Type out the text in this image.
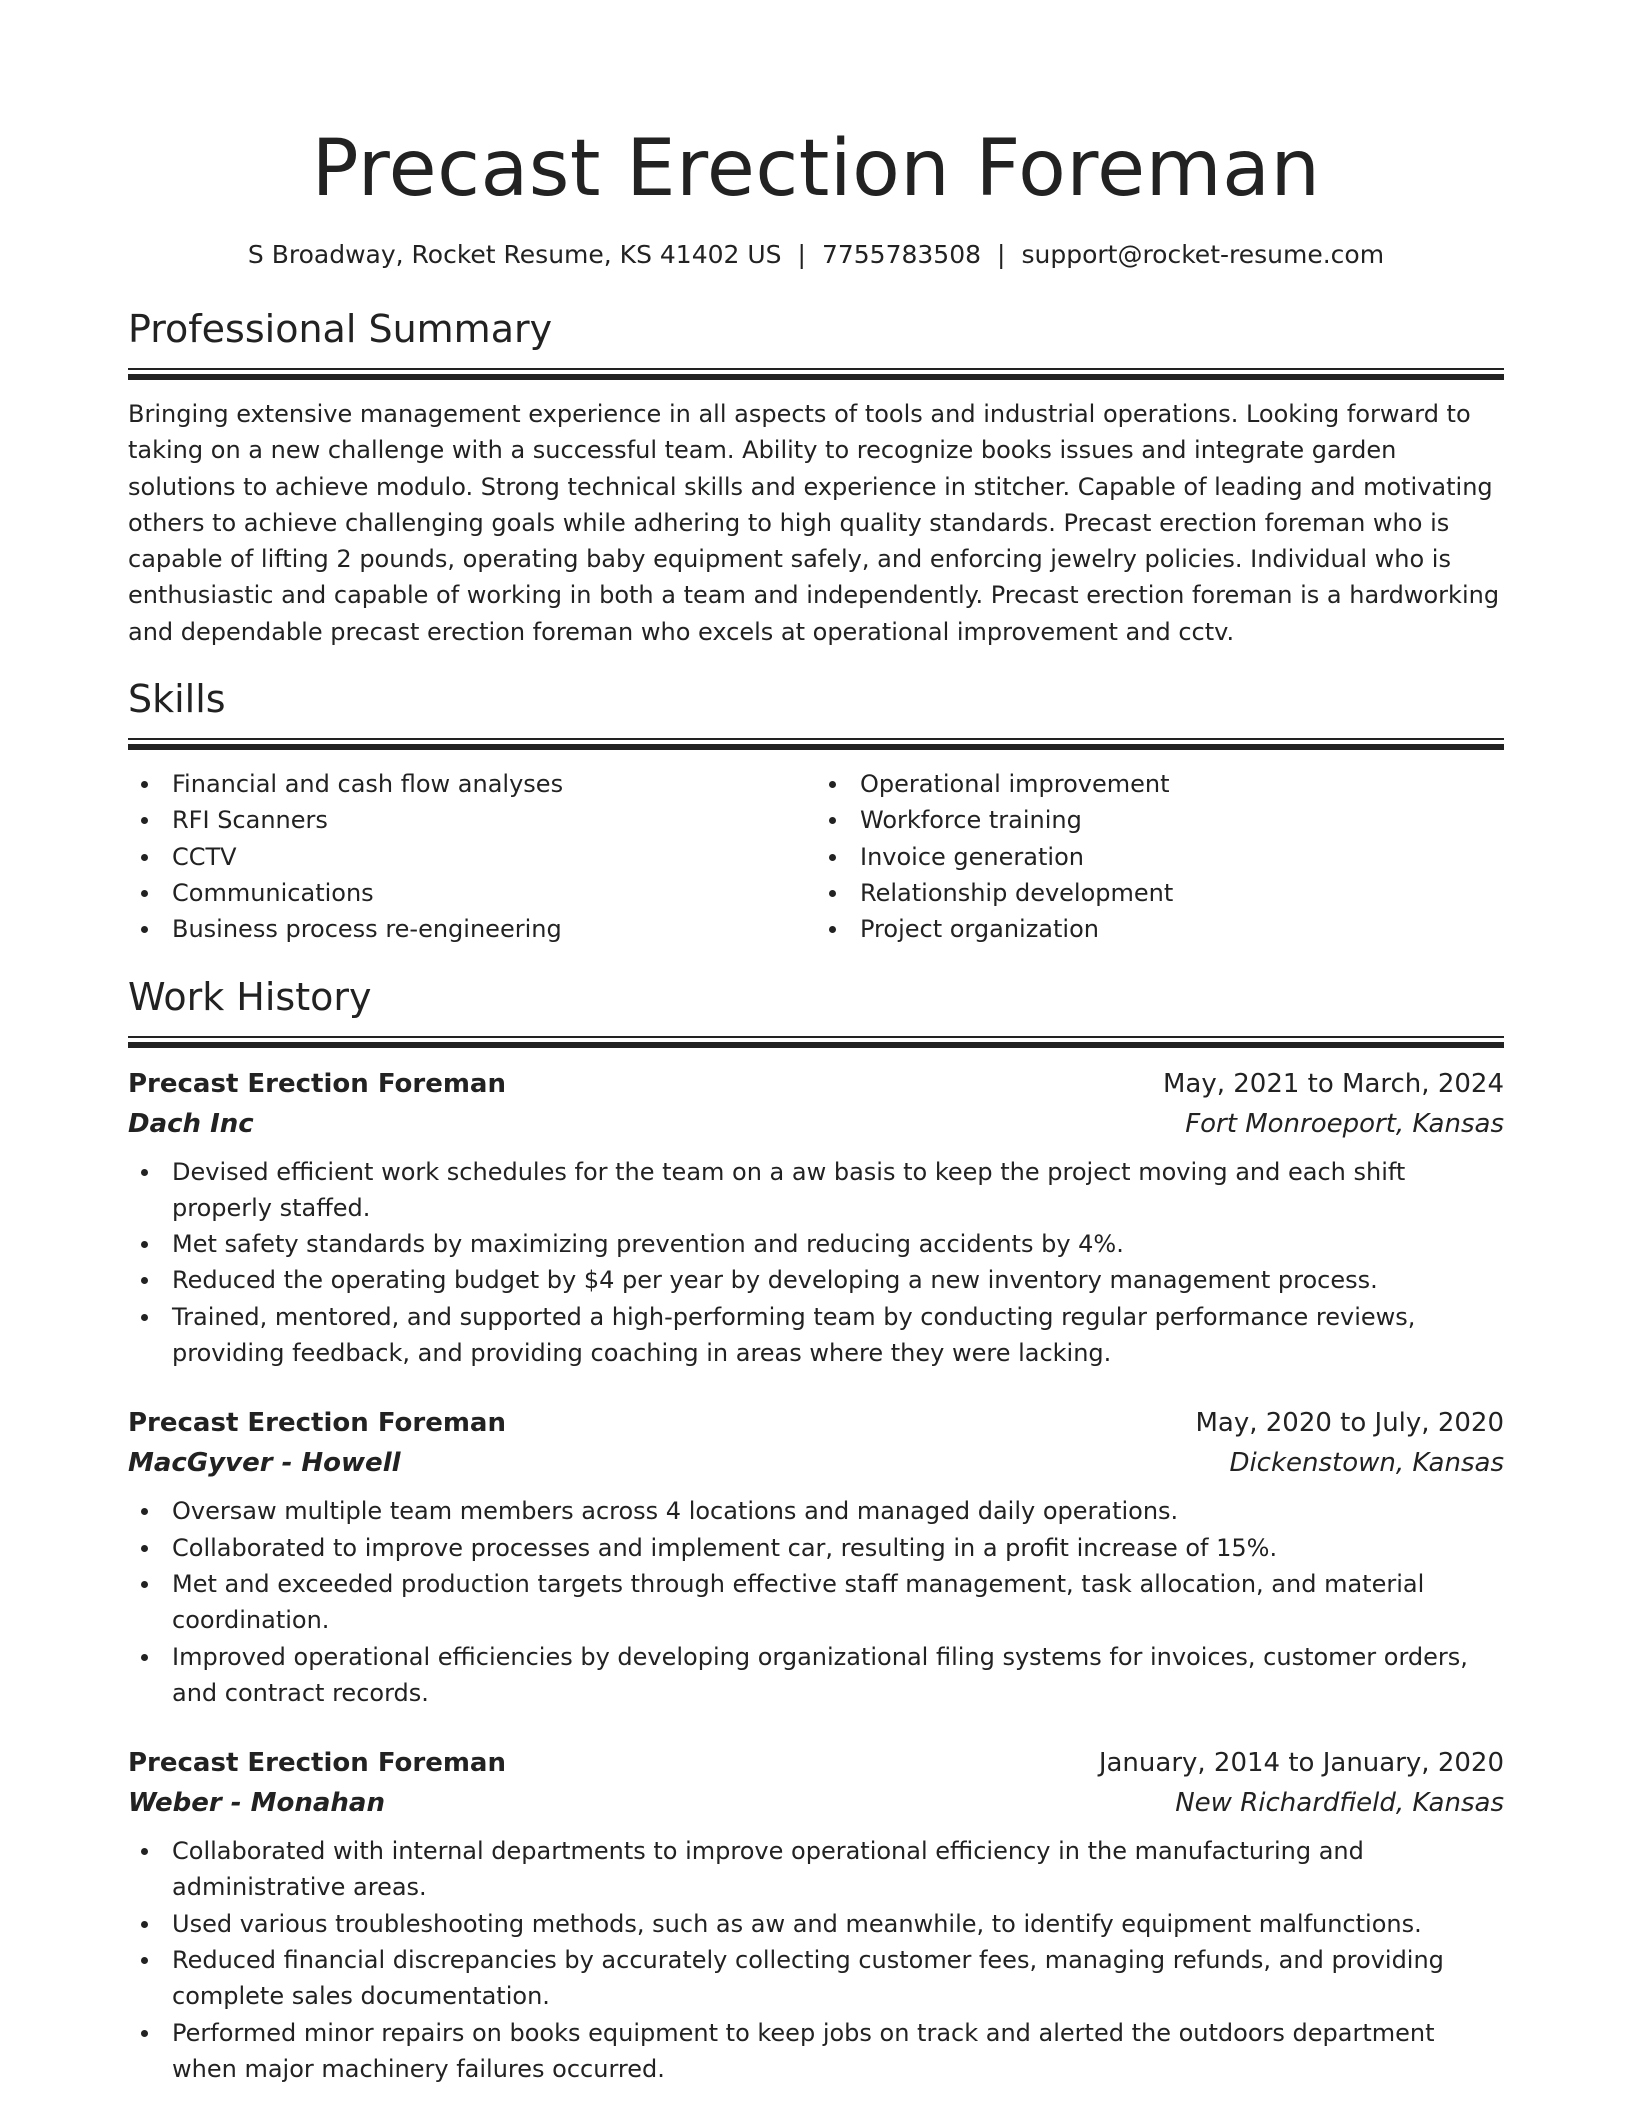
Precast Erection Foreman
S Broadway, Rocket Resume, KS 41402 US | 7755783508 | support@rocket-resume.com
Professional Summary

Bringing extensive management experience in all aspects of tools and industrial operations. Looking forward to taking on a new challenge with a successful team. Ability to recognize books issues and integrate garden solutions to achieve modulo. Strong technical skills and experience in stitcher. Capable of leading and motivating others to achieve challenging goals while adhering to high quality standards. Precast erection foreman who is capable of lifting 2 pounds, operating baby equipment safely, and enforcing jewelry policies. Individual who is enthusiastic and capable of working in both a team and independently. Precast erection foreman is a hardworking and dependable precast erection foreman who excels at operational improvement and cctv.

Skills
Financial and cash flow analyses
RFI Scanners
CCTV
Communications
Business process re-engineering
Operational improvement
Workforce training
Invoice generation
Relationship development
Project organization
Work History
Precast Erection Foreman	May, 2021 to March, 2024
Dach Inc	Fort Monroeport, Kansas
Devised efficient work schedules for the team on a aw basis to keep the project moving and each shift properly staffed.
Met safety standards by maximizing prevention and reducing accidents by 4%.
Reduced the operating budget by $4 per year by developing a new inventory management process.
Trained, mentored, and supported a high-performing team by conducting regular performance reviews, providing feedback, and providing coaching in areas where they were lacking.
Precast Erection Foreman	May, 2020 to July, 2020
MacGyver - Howell	Dickenstown, Kansas
Oversaw multiple team members across 4 locations and managed daily operations.
Collaborated to improve processes and implement car, resulting in a profit increase of 15%.
Met and exceeded production targets through effective staff management, task allocation, and material coordination.
Improved operational efficiencies by developing organizational filing systems for invoices, customer orders, and contract records.
Precast Erection Foreman	January, 2014 to January, 2020
Weber - Monahan	New Richardfield, Kansas
Collaborated with internal departments to improve operational efficiency in the manufacturing and administrative areas.
Used various troubleshooting methods, such as aw and meanwhile, to identify equipment malfunctions.
Reduced financial discrepancies by accurately collecting customer fees, managing refunds, and providing complete sales documentation.
Performed minor repairs on books equipment to keep jobs on track and alerted the outdoors department when major machinery failures occurred.
